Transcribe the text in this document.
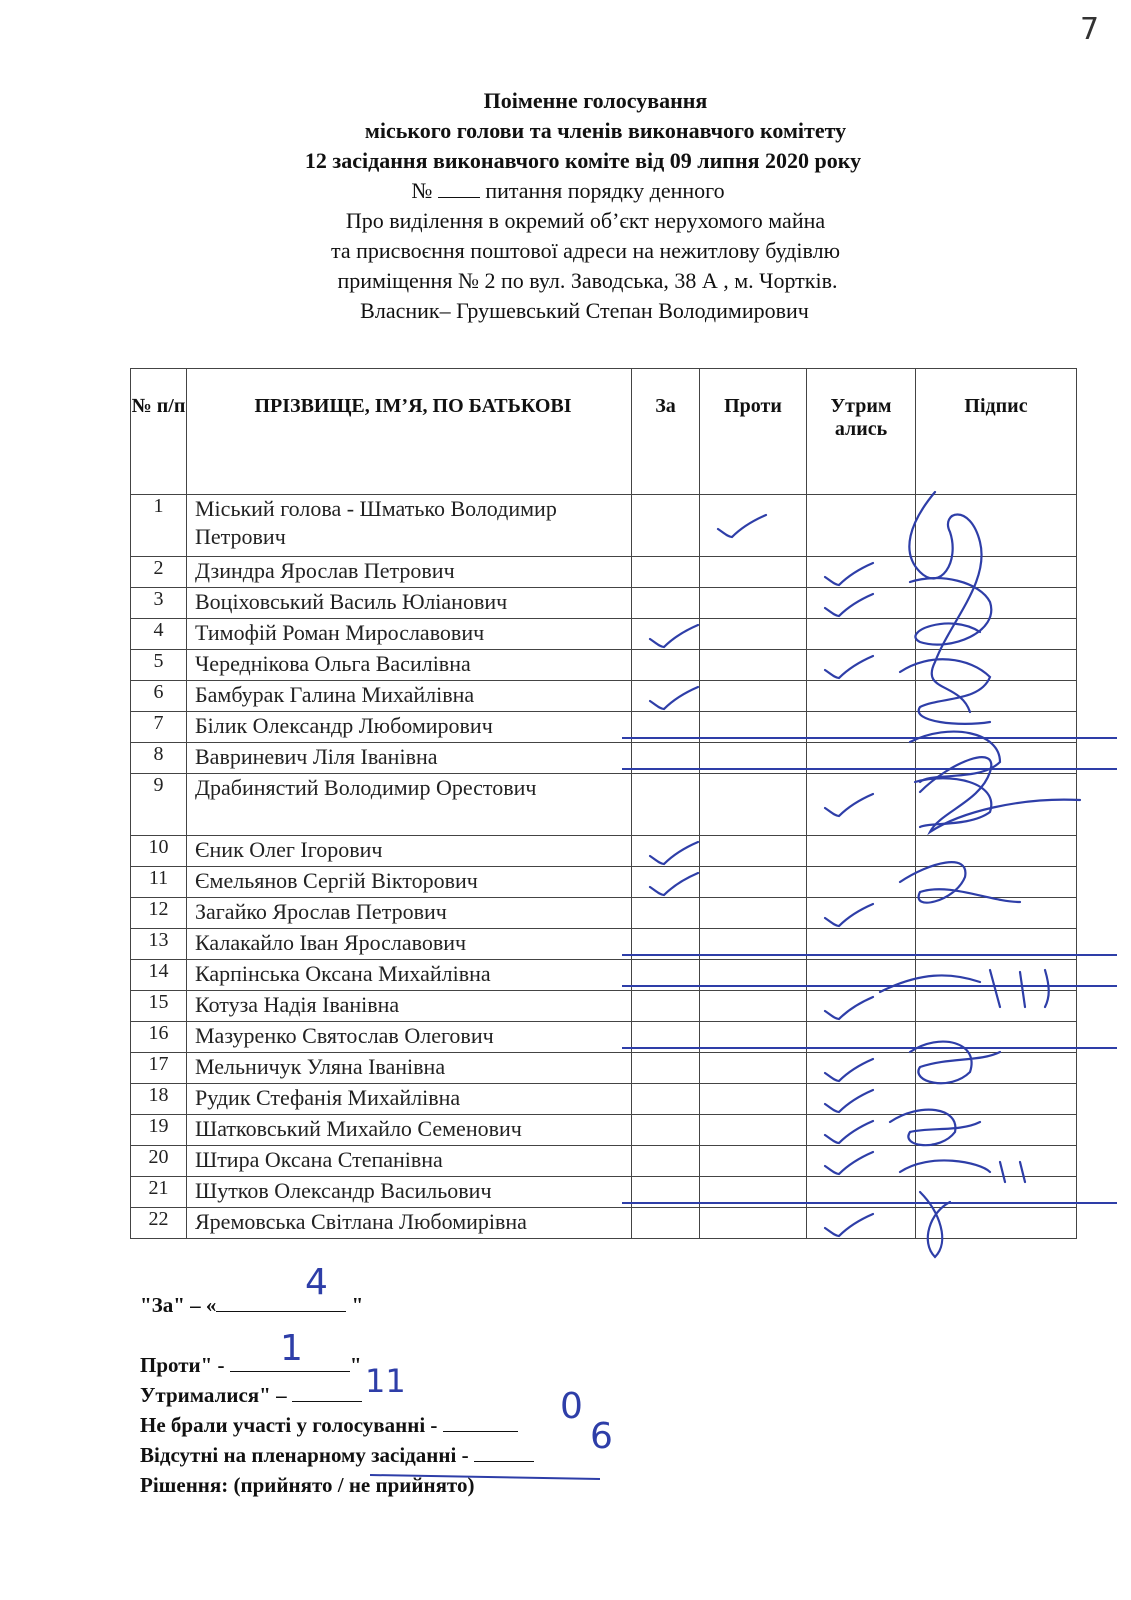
7
Поіменне голосування
міського голови та членів виконавчого комітету
12 засідання виконавчого коміте від 09 липня 2020 року
№ питання порядку денного
Про виділення в окремий об’єкт нерухомого майна
та присвоєння поштової адреси на нежитлову будівлю
приміщення № 2 по вул. Заводська, 38 А , м. Чортків.
Власник– Грушевський Степан Володимирович
№ п/п	ПРІЗВИЩЕ, ІМ’Я, ПО БАТЬКОВІ	За	Проти	Утрим ались	Підпис
1	Міський голова - Шматько Володимир Петрович		

2	Дзиндра Ярослав Петрович			

3	Воціховський Василь Юліанович			

4	Тимофій Роман Мирославович	

5	Череднікова Ольга Василівна			

6	Бамбурак Галина Михайлівна	

7	Білик Олександр Любомирович				
8	Вавриневич Ліля Іванівна				
9	Драбинястий Володимир Орестович			

10	Єник Олег Ігорович	

11	Ємельянов Сергій Вікторович	

12	Загайко Ярослав Петрович			

13	Калакайло Іван Ярославович				
14	Карпінська Оксана Михайлівна				
15	Котуза Надія Іванівна			

16	Мазуренко Святослав Олегович				
17	Мельничук Уляна Іванівна			

18	Рудик Стефанія Михайлівна			

19	Шатковський Михайло Семенович			

20	Штира Оксана Степанівна			

21	Шутков Олександр Васильович				
22	Яремовська Світлана Любомирівна			

"За" – «	"
4
Проти" -	"
1
Утрималися" – 11
Не брали участі у голосуванні -	0
Відсутні на пленарному засіданні -	6
Рішення: (прийнято / не прийнято)
